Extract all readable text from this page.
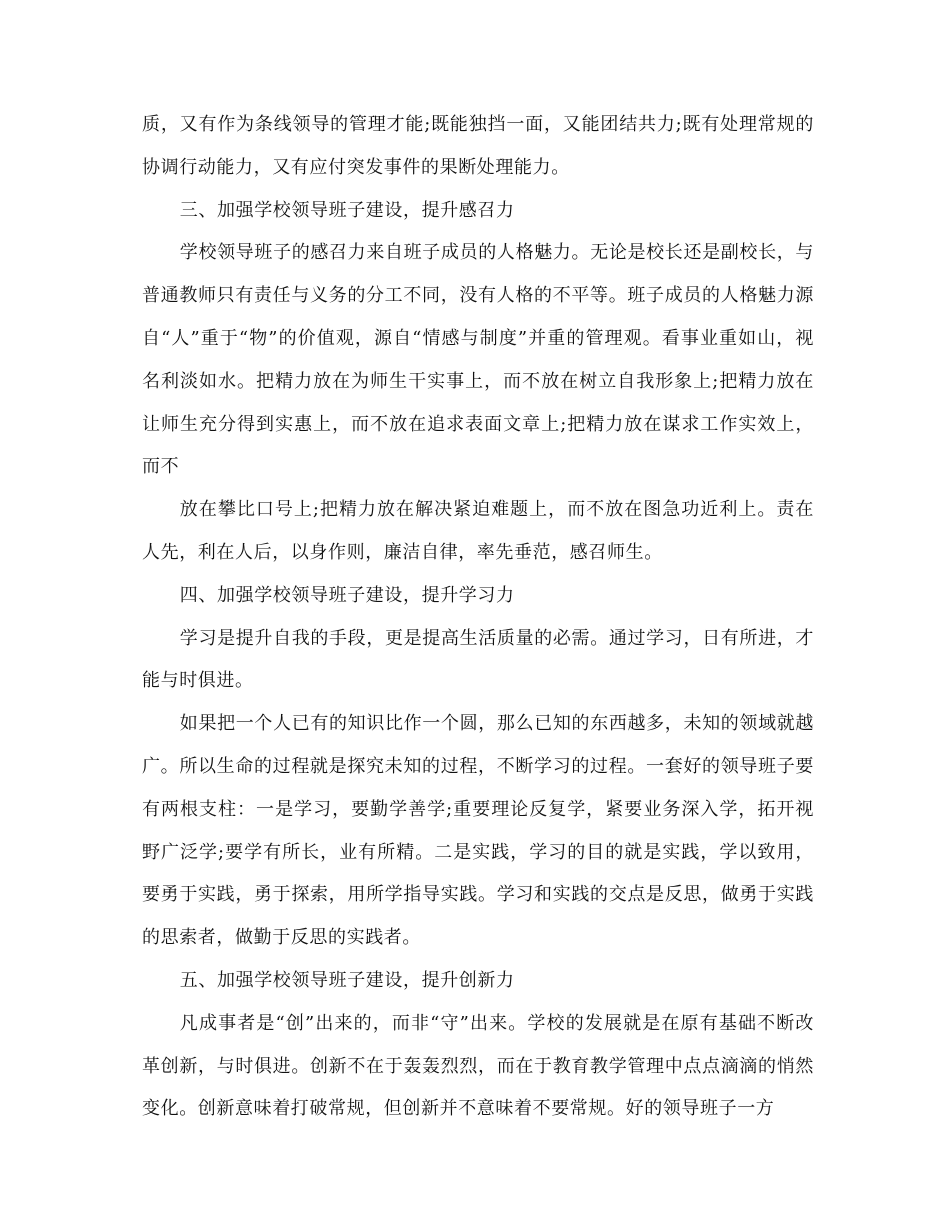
质，又有作为条线领导的管理才能;既能独挡一面，又能团结共力;既有处理常规的协调行动能力，又有应付突发事件的果断处理能力。

三、加强学校领导班子建设，提升感召力

学校领导班子的感召力来自班子成员的人格魅力。无论是校长还是副校长，与普通教师只有责任与义务的分工不同，没有人格的不平等。班子成员的人格魅力源自“人”重于“物”的价值观，源自“情感与制度”并重的管理观。看事业重如山，视名利淡如水。把精力放在为师生干实事上，而不放在树立自我形象上;把精力放在让师生充分得到实惠上，而不放在追求表面文章上;把精力放在谋求工作实效上，而不

放在攀比口号上;把精力放在解决紧迫难题上，而不放在图急功近利上。责在人先，利在人后，以身作则，廉洁自律，率先垂范，感召师生。

四、加强学校领导班子建设，提升学习力

学习是提升自我的手段，更是提高生活质量的必需。通过学习，日有所进，才能与时俱进。

如果把一个人已有的知识比作一个圆，那么已知的东西越多，未知的领域就越广。所以生命的过程就是探究未知的过程，不断学习的过程。一套好的领导班子要有两根支柱：一是学习，要勤学善学;重要理论反复学，紧要业务深入学，拓开视野广泛学;要学有所长，业有所精。二是实践，学习的目的就是实践，学以致用，要勇于实践，勇于探索，用所学指导实践。学习和实践的交点是反思，做勇于实践的思索者，做勤于反思的实践者。

五、加强学校领导班子建设，提升创新力

凡成事者是“创”出来的，而非“守”出来。学校的发展就是在原有基础不断改革创新，与时俱进。创新不在于轰轰烈烈，而在于教育教学管理中点点滴滴的悄然变化。创新意味着打破常规，但创新并不意味着不要常规。好的领导班子一方
